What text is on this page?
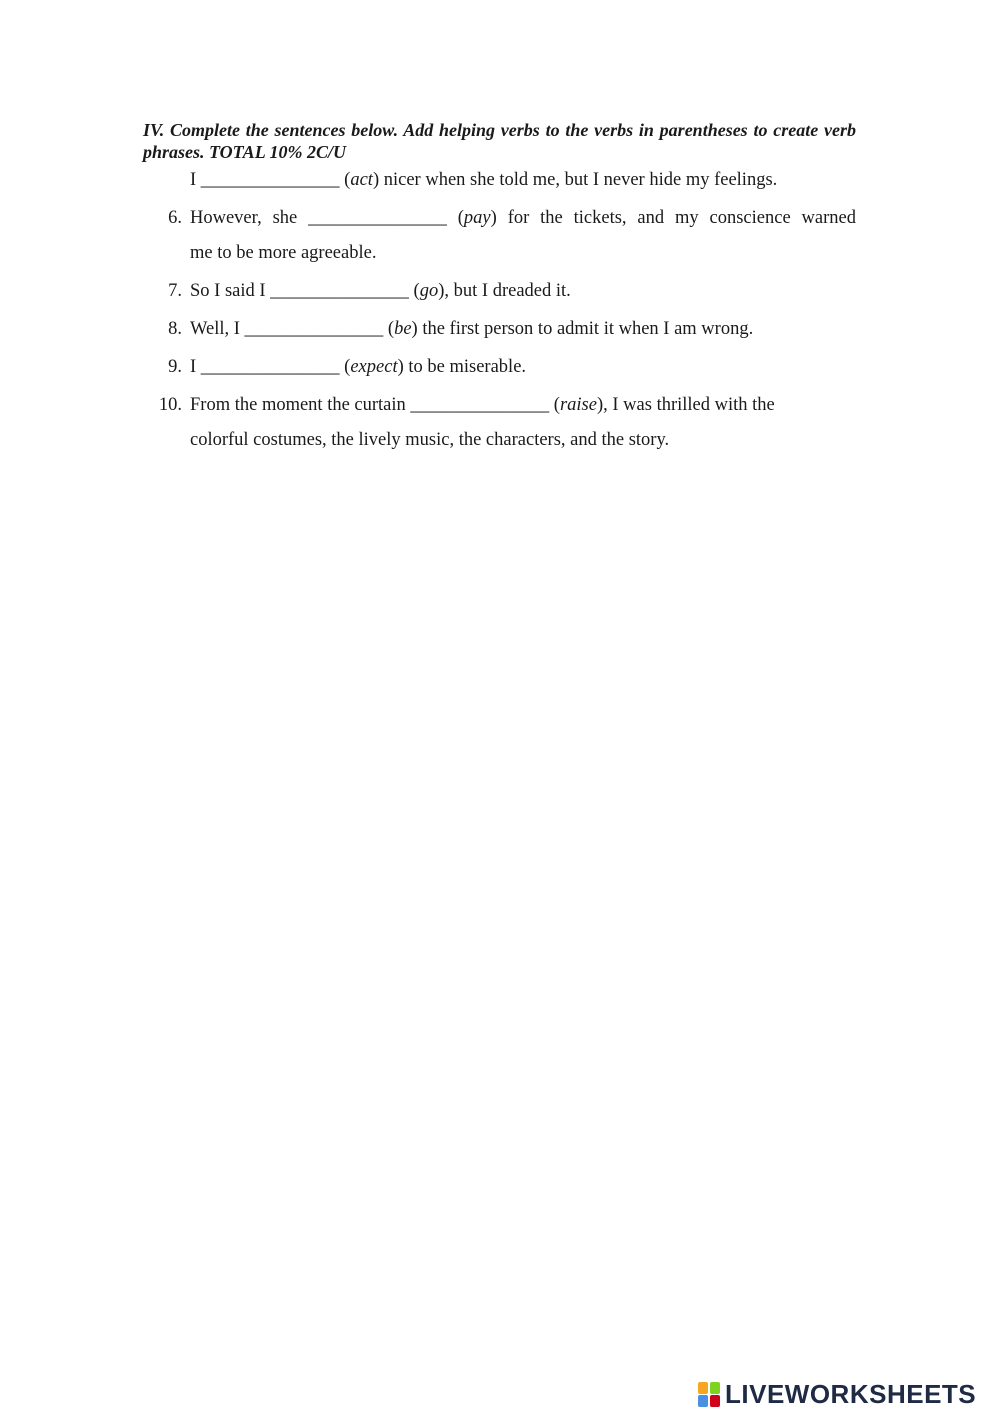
IV. Complete the sentences below. Add helping verbs to the verbs in parentheses to create verb phrases. TOTAL 10% 2C/U
I _______________ (act) nicer when she told me, but I never hide my feelings.
6. However, she _______________ (pay) for the tickets, and my conscience warned
me to be more agreeable.
7. So I said I _______________ (go), but I dreaded it.
8. Well, I _______________ (be) the first person to admit it when I am wrong.
9. I _______________ (expect) to be miserable.
10. From the moment the curtain _______________ (raise), I was thrilled with the
colorful costumes, the lively music, the characters, and the story.
LIVEWORKSHEETS
